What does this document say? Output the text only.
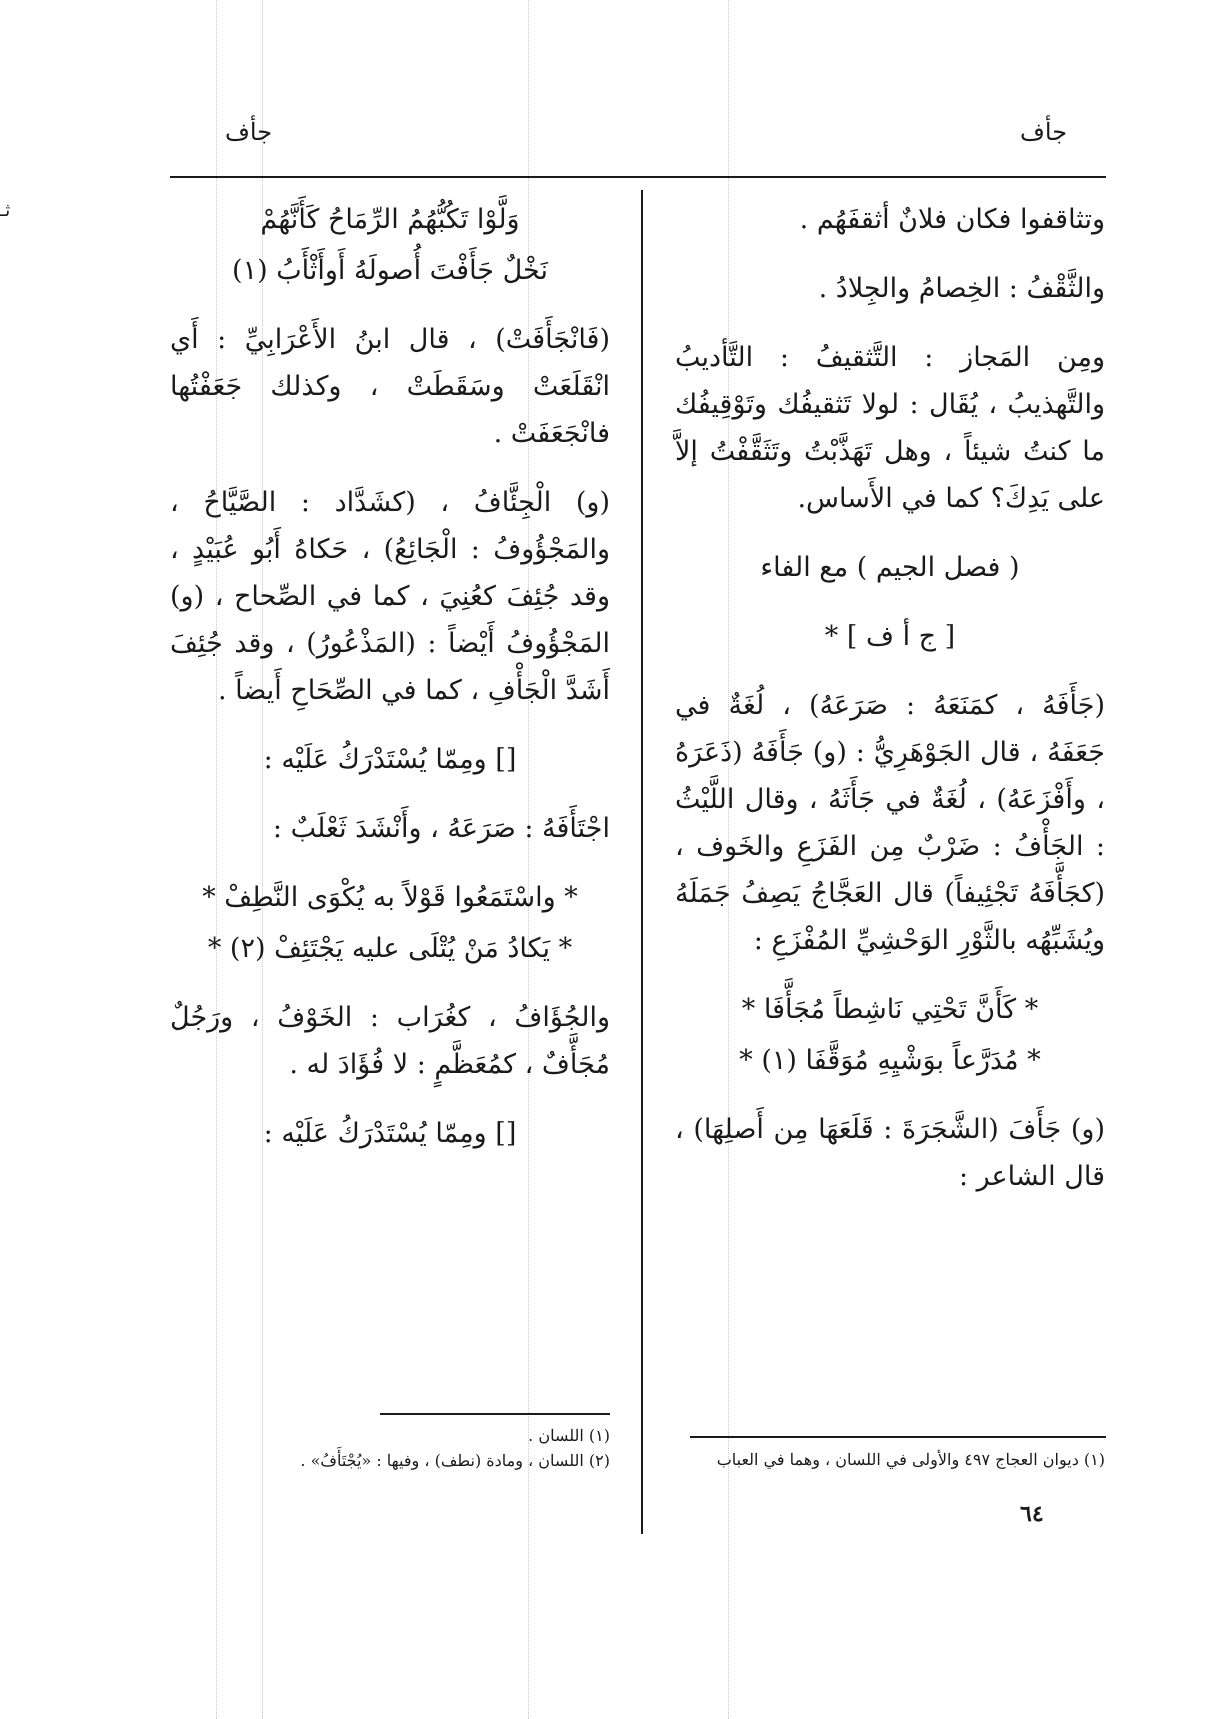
ثـ
جأف
جأف

وتثاقفوا فكان فلانٌ أثقفَهُم .

والثَّقْفُ : الخِصامُ والجِلادُ .

ومِن المَجاز : التَّثقيفُ : التَّأديبُ والتَّهذيبُ ، يُقَال : لولا تَثقيفُك وتَوْقِيفُك ما كنتُ شيئاً ، وهل تَهَذَّبْتُ وتَثَقَّفْتُ إلاَّ على يَدِكَ؟ كما في الأَساس.

( فصل الجيم ) مع الفاء

[ ج أ ف ] *

(جَأَفَهُ ، كمَنَعَهُ : صَرَعَهُ) ، لُغَةٌ في جَعَفَهُ ، قال الجَوْهَرِيُّ : (و) جَأَفَهُ (ذَعَرَهُ ، وأَفْزَعَهُ) ، لُغَةٌ في جَأَثَهُ ، وقال اللَّيْثُ : الجَأْفُ : ضَرْبٌ مِن الفَزَعِ والخَوف ، (كجَأَّفَهُ تَجْئِيفاً) قال العَجَّاجُ يَصِفُ جَمَلَهُ ويُشَبِّهُه بالثَّوْرِ الوَحْشِيِّ المُفْزَعِ :

* كَأَنَّ تَحْتِي نَاشِطاً مُجَأَّفَا *

* مُدَرَّعاً بوَشْيِهِ مُوَقَّفَا (١) *

(و) جَأَفَ (الشَّجَرَةَ : قَلَعَهَا مِن أَصلِهَا) ، قال الشاعر :

(١) ديوان العجاج ٤٩٧ والأولى في اللسان ، وهما في العباب

٦٤

وَلَّوْا تَكُبُّهُمُ الرِّمَاحُ كَأَنَّهُمْ

نَخْلٌ جَأَفْتَ أُصولَهُ أَوأَثْأَبُ (١)

(فَانْجَأَفَتْ) ، قال ابنُ الأَعْرَابِيِّ : أَي انْقَلَعَتْ وسَقَطَتْ ، وكذلك جَعَفْتُها فانْجَعَفَتْ .

(و) الْجِئَّافُ ، (كشَدَّاد : الصَّيَّاحُ ، والمَجْؤُوفُ : الْجَائِعُ) ، حَكاهُ أَبُو عُبَيْدٍ ، وقد جُئِفَ كعُنِيَ ، كما في الصِّحاح ، (و) المَجْؤُوفُ أَيْضاً : (المَذْعُورُ) ، وقد جُئِفَ أَشَدَّ الْجَأْفِ ، كما في الصِّحَاحِ أَيضاً .

[] ومِمّا يُسْتَدْرَكُ عَلَيْه :

اجْتَأَفَهُ : صَرَعَهُ ، وأَنْشَدَ ثَعْلَبٌ :

* واسْتَمَعُوا قَوْلاً به يُكْوَى النَّطِفْ *

* يَكادُ مَنْ يُتْلَى عليه يَجْتَئِفْ (٢) *

والجُؤَافُ ، كغُرَاب : الخَوْفُ ، ورَجُلٌ مُجَأَّفٌ ، كمُعَظَّمٍ : لا فُؤَادَ له .

[] ومِمّا يُسْتَدْرَكُ عَلَيْه :

(١) اللسان .

(٢) اللسان ، ومادة (نطف) ، وفيها : «يُجْتَأَفُ» .
